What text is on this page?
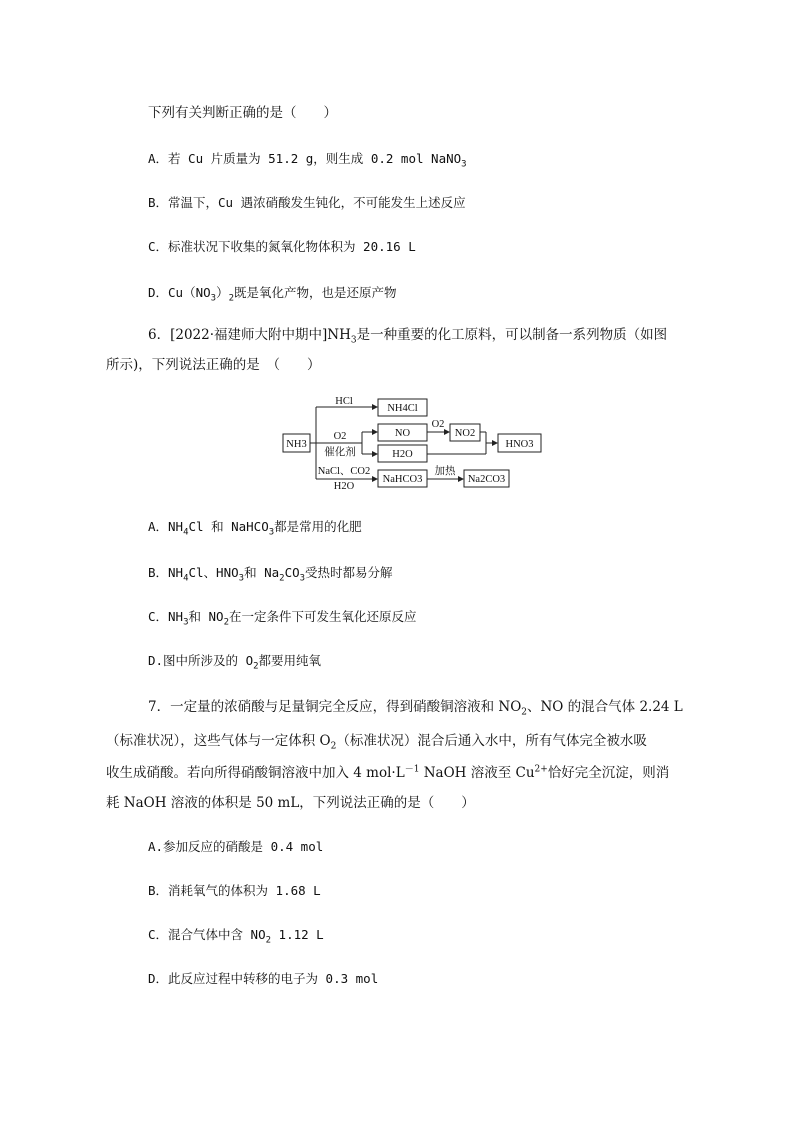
下列有关判断正确的是（　　）
A．若 Cu 片质量为 51.2 g，则生成 0.2 mol NaNO$_3$
B．常温下，Cu 遇浓硝酸发生钝化，不可能发生上述反应
C．标准状况下收集的氮氧化物体积为 20.16 L
D．$Cu(NO_3)_2$既是氧化产物，也是还原产物
6．[2022·福建师大附中期中]$NH_3$是一种重要的化工原料，可以制备一系列物质（如图
所示)，下列说法正确的是　（　　）
NH3
HCl
NH4Cl
O2
催化剂
NO
H2O
O2
NO2
HNO3
NaCl、CO2
H2O
NaHCO3
加热
Na2CO3
A．$NH_4Cl$ 和 NaHCO$_3$都是常用的化肥
B．$NH_4Cl$、$HNO_3$和 $Na_2CO_3$受热时都易分解
C．$NH_3$和 $NO_2$在一定条件下可发生氧化还原反应
D.图中所涉及的 $O_2$都要用纯氧
7．一定量的浓硝酸与足量铜完全反应，得到硝酸铜溶液和 $NO_2$、NO 的混合气体 2.24 L
（标准状况），这些气体与一定体积 $O_2$（标准状况）混合后通入水中，所有气体完全被水吸
收生成硝酸。若向所得硝酸铜溶液中加入 4 $mol\cdot L^{-1}$ NaOH 溶液至 $Cu^{2+}$恰好完全沉淀，则消
耗 NaOH 溶液的体积是 50 mL，下列说法正确的是（　　）
A.参加反应的硝酸是 0.4 mol
B．消耗氧气的体积为 1.68 L
C．混合气体中含 $NO_2$ 1.12 L
D．此反应过程中转移的电子为 0.3 mol
